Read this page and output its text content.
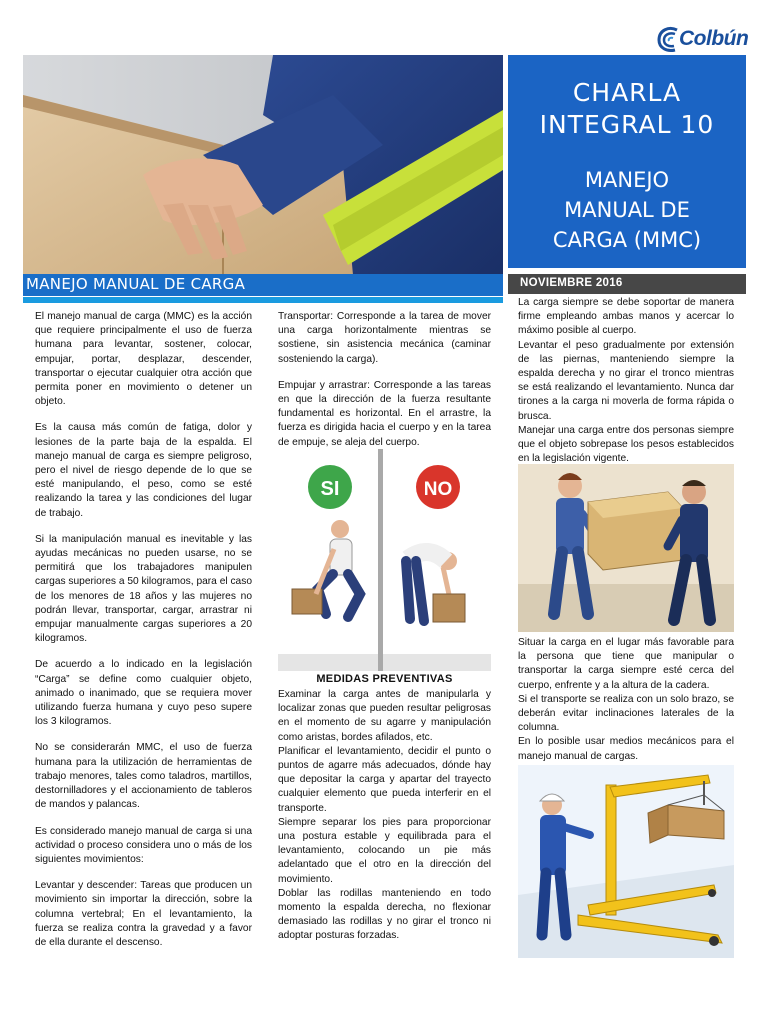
Colbún
CHARLA
INTEGRAL 10
MANEJO
MANUAL DE
CARGA (MMC)
MANEJO MANUAL DE CARGA	NOVIEMBRE 2016

El manejo manual de carga (MMC) es la acción que requiere principalmente el uso de fuerza humana para levantar, sostener, colocar, empujar, portar, desplazar, descender, transportar o ejecutar cualquier otra acción que permita poner en movimiento o detener un objeto.

Es la causa más común de fatiga, dolor y lesiones de la parte baja de la espalda. El manejo manual de carga es siempre peligroso, pero el nivel de riesgo depende de lo que se esté manipulando, el peso, como se esté realizando la tarea y las condiciones del lugar de trabajo.

Si la manipulación manual es inevitable y las ayudas mecánicas no pueden usarse, no se permitirá que los trabajadores manipulen cargas superiores a 50 kilogramos, para el caso de los menores de 18 años y las mujeres no podrán llevar, transportar, cargar, arrastrar ni empujar manualmente cargas superiores a 20 kilogramos.

De acuerdo a lo indicado en la legislación “Carga” se define como cualquier objeto, animado o inanimado, que se requiera mover utilizando fuerza humana y cuyo peso supere los 3 kilogramos.

No se considerarán MMC, el uso de fuerza humana para la utilización de herramientas de trabajo menores, tales como taladros, martillos, destornilladores y el accionamiento de tableros de mandos y palancas.

Es considerado manejo manual de carga si una actividad o proceso considera uno o más de los siguientes movimientos:

Levantar y descender: Tareas que producen un movimiento sin importar la dirección, sobre la columna vertebral; En el levantamiento, la fuerza se realiza contra la gravedad y a favor de ella durante el descenso.

Transportar: Corresponde a la tarea de mover una carga horizontalmente mientras se sostiene, sin asistencia mecánica (caminar sosteniendo la carga).

Empujar y arrastrar: Corresponde a las tareas en que la dirección de la fuerza resultante fundamental es horizontal. En el arrastre, la fuerza es dirigida hacia el cuerpo y en la tarea de empuje, se aleja del cuerpo.

SI	NO
MEDIDAS PREVENTIVAS

Examinar la carga antes de manipularla y localizar zonas que pueden resultar peligrosas en el momento de su agarre y manipulación como aristas, bordes afilados, etc.

Planificar el levantamiento, decidir el punto o puntos de agarre más adecuados, dónde hay que depositar la carga y apartar del trayecto cualquier elemento que pueda interferir en el transporte.

Siempre separar los pies para proporcionar una postura estable y equilibrada para el levantamiento, colocando un pie más adelantado que el otro en la dirección del movimiento.

Doblar las rodillas manteniendo en todo momento la espalda derecha, no flexionar demasiado las rodillas y no girar el tronco ni adoptar posturas forzadas.

La carga siempre se debe soportar de manera firme empleando ambas manos y acercar lo máximo posible al cuerpo.

Levantar el peso gradualmente por extensión de las piernas, manteniendo siempre la espalda derecha y no girar el tronco mientras se está realizando el levantamiento. Nunca dar tirones a la carga ni moverla de forma rápida o brusca.

Manejar una carga entre dos personas siempre que el objeto sobrepase los pesos establecidos en la legislación vigente.

Situar la carga en el lugar más favorable para la persona que tiene que manipular o transportar la carga siempre esté cerca del cuerpo, enfrente y a la altura de la cadera.

Si el transporte se realiza con un solo brazo, se deberán evitar inclinaciones laterales de la columna.

En lo posible usar medios mecánicos para el manejo manual de cargas.
